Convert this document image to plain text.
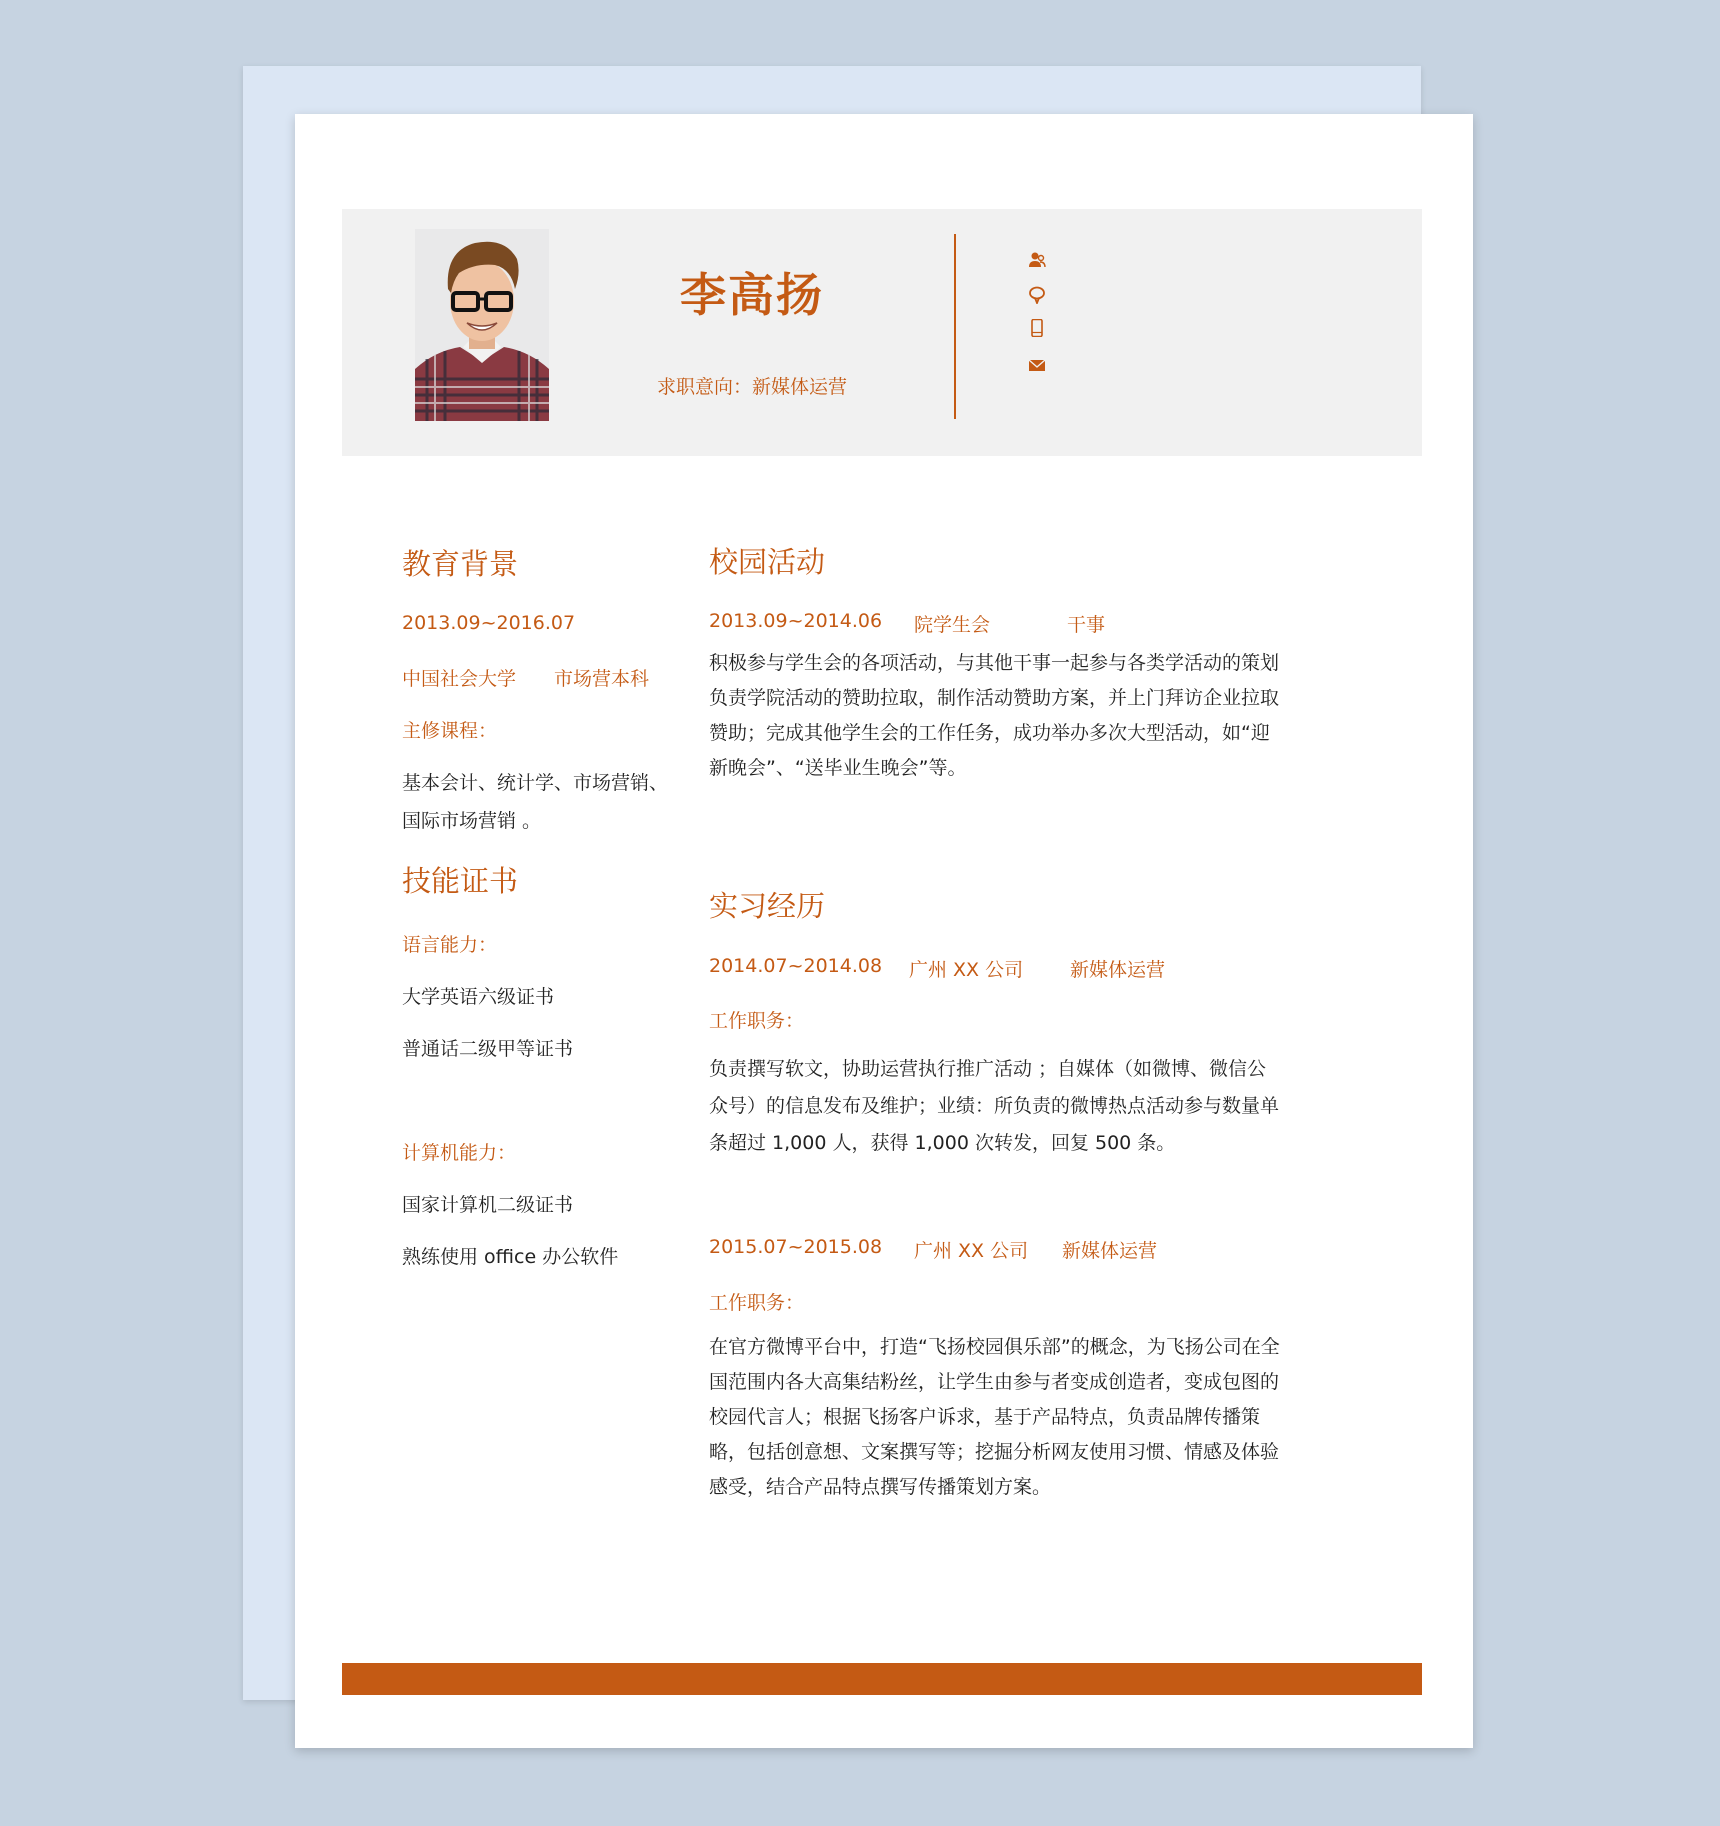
李高扬
求职意向：新媒体运营
教育背景
2013.09~2016.07
中国社会大学 市场营本科
主修课程：
基本会计、统计学、市场营销、
国际市场营销 。
技能证书
语言能力：
大学英语六级证书
普通话二级甲等证书
计算机能力：
国家计算机二级证书
熟练使用 office 办公软件
校园活动
2013.09~2014.06 院学生会	干事
积极参与学生会的各项活动，与其他干事一起参与各类学活动的策划负责学院活动的赞助拉取，制作活动赞助方案，并上门拜访企业拉取赞助；完成其他学生会的工作任务，成功举办多次大型活动，如“迎新晚会”、“送毕业生晚会”等。
实习经历
2014.07~2014.08 广州 XX 公司 新媒体运营
工作职务：
负责撰写软文，协助运营执行推广活动 ；自媒体（如微博、微信公众号）的信息发布及维护；业绩：所负责的微博热点活动参与数量单条超过 1,000 人，获得 1,000 次转发，回复 500 条。
2015.07~2015.08 广州 XX 公司 新媒体运营
工作职务：
在官方微博平台中，打造“飞扬校园俱乐部”的概念，为飞扬公司在全国范围内各大高集结粉丝，让学生由参与者变成创造者，变成包图的校园代言人；根据飞扬客户诉求，基于产品特点，负责品牌传播策略，包括创意想、文案撰写等；挖掘分析网友使用习惯、情感及体验感受，结合产品特点撰写传播策划方案。
